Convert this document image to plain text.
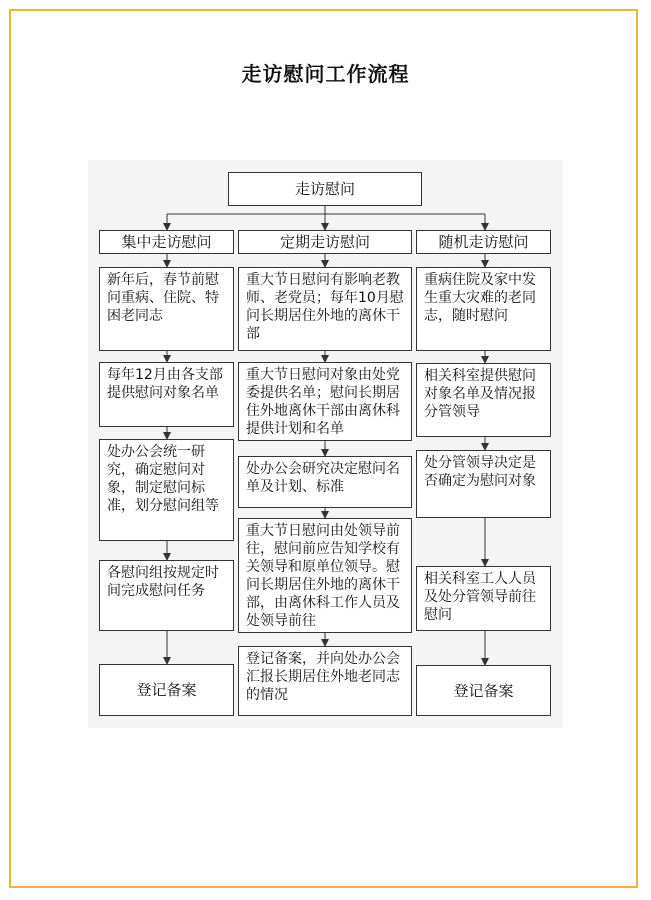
走访慰问工作流程
走访慰问
集中走访慰问	定期走访慰问	随机走访慰问
新年后，春节前慰问重病、住院、特困老同志
每年12月由各支部提供慰问对象名单
处办公会统一研究，确定慰问对象，制定慰问标准，划分慰问组等
各慰问组按规定时间完成慰问任务
登记备案
重大节日慰问有影响老教师、老党员；每年10月慰问长期居住外地的离休干部
重大节日慰问对象由处党委提供名单；慰问长期居住外地离休干部由离休科提供计划和名单
处办公会研究决定慰问名单及计划、标准
重大节日慰问由处领导前往，慰问前应告知学校有关领导和原单位领导。慰问长期居住外地的离休干部，由离休科工作人员及处领导前往
登记备案，并向处办公会汇报长期居住外地老同志的情况
重病住院及家中发生重大灾难的老同志，随时慰问
相关科室提供慰问对象名单及情况报分管领导
处分管领导决定是否确定为慰问对象
相关科室工人人员及处分管领导前往慰问
登记备案
